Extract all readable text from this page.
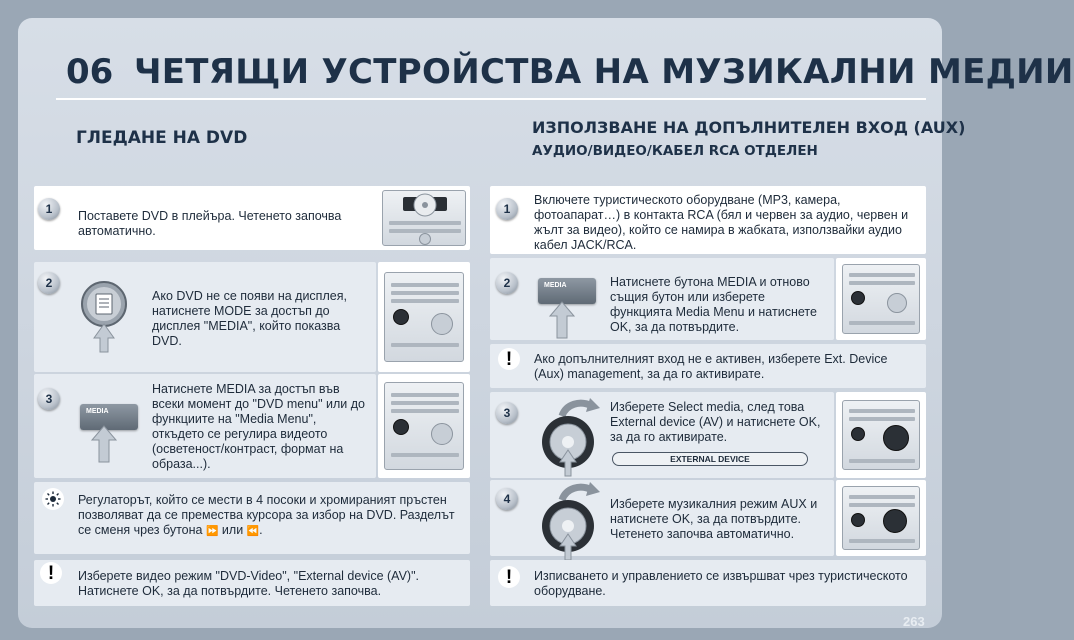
06 ЧЕТЯЩИ УСТРОЙСТВА НА МУЗИКАЛНИ МЕДИИ
ГЛЕДАНЕ НА DVD
1	Поставете DVD в плейъра. Четенето започва автоматично.
2
Ако DVD не се появи на дисплея, натиснете MODE за достъп до дисплея "MEDIA", който показва DVD.
3
MEDIA
Натиснете MEDIA за достъп във всеки момент до "DVD menu" или до функциите на "Media Menu", откъдето се регулира видеото (осветеност/контраст, формат на образа...).
Регулаторът, който се мести в 4 посоки и хромираният пръстен позволяват да се премества курсора за избор на DVD. Разделът се сменя чрез бутона ⏩ или ⏪.
!	Изберете видео режим "DVD-Video", "External device (AV)". Натиснете OK, за да потвърдите. Четенето започва.
ИЗПОЛЗВАНЕ НА ДОПЪЛНИТЕЛЕН ВХОД (AUX)
АУДИО/ВИДЕО/КАБЕЛ RCA ОТДЕЛЕН
1
Включете туристическото оборудване (МР3, камера, фотоапарат…) в контакта RCA (бял и червен за аудио, червен и жълт за видео), който се намира в жабката, използвайки аудио кабел JACK/RCA.
2	MEDIA	Натиснете бутона MEDIA и отново същия бутон или изберете функцията Media Menu и натиснете OK, за да потвърдите.
!	Ако допълнителният вход не е активен, изберете Ext. Device (Aux) management, за да го активирате.
3	Изберете Select media, след това External device (AV) и натиснете OK, за да го активирате.
EXTERNAL DEVICE
4	Изберете музикалния режим AUX и натиснете OK, за да потвърдите. Четенето започва автоматично.
!	Изписването и управлението се извършват чрез туристическото оборудване.
263
